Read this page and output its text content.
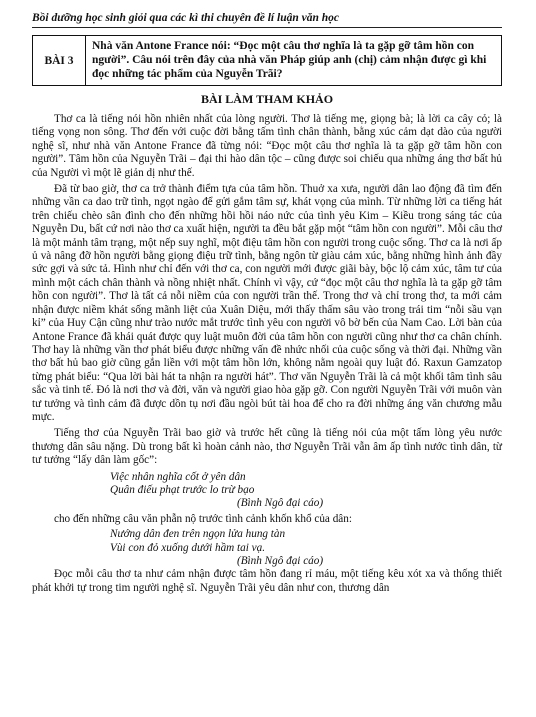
Bồi dưỡng học sinh giỏi qua các kì thi chuyên đề lí luận văn học
BÀI 3
Nhà văn Antone France nói: “Đọc một câu thơ nghĩa là ta gặp gỡ tâm hồn con người”. Câu nói trên đây của nhà văn Pháp giúp anh (chị) cảm nhận được gì khi đọc những tác phẩm của Nguyễn Trãi?
BÀI LÀM THAM KHẢO

Thơ ca là tiếng nói hồn nhiên nhất của lòng người. Thơ là tiếng mẹ, giọng bà; là lời ca cây cỏ; là tiếng vọng non sông. Thơ đến với cuộc đời bằng tấm tình chân thành, bằng xúc cảm dạt dào của người nghệ sĩ, như nhà văn Antone France đã từng nói: “Đọc một câu thơ nghĩa là ta gặp gỡ tâm hồn con người”. Tâm hồn của Nguyễn Trãi – đại thi hào dân tộc – cũng được soi chiếu qua những áng thơ bất hủ của Người vì một lẽ giản dị như thế.

Đã từ bao giờ, thơ ca trở thành điểm tựa của tâm hồn. Thuở xa xưa, người dân lao động đã tìm đến những vần ca dao trữ tình, ngọt ngào để gửi gắm tâm sự, khát vọng của mình. Từ những lời ca tiếng hát trên chiếu chèo sân đình cho đến những hồi hồi náo nức của tình yêu Kim – Kiều trong sáng tác của Nguyễn Du, bất cứ nơi nào thơ ca xuất hiện, người ta đều bắt gặp một “tâm hồn con người”. Mỗi câu thơ là một mảnh tâm trạng, một nếp suy nghĩ, một điệu tâm hồn con người trong cuộc sống. Thơ ca là nơi ấp ủ và nâng đỡ hồn người bằng giọng điệu trữ tình, bằng ngôn từ giàu cảm xúc, bằng những hình ảnh đầy sức gợi và sức tả. Hình như chỉ đến với thơ ca, con người mới được giãi bày, bộc lộ cảm xúc, tâm tư của mình một cách chân thành và nồng nhiệt nhất. Chính vì vậy, cứ “đọc một câu thơ nghĩa là ta gặp gỡ tâm hồn con người”. Thơ là tất cả nỗi niềm của con người trần thế. Trong thơ và chỉ trong thơ, ta mới cảm nhận được niềm khát sống mãnh liệt của Xuân Diệu, mới thấy thấm sâu vào trong trái tim “nỗi sầu vạn kỉ” của Huy Cận cũng như trào nước mắt trước tình yêu con người vô bờ bến của Nam Cao. Lời bàn của Antone France đã khái quát được quy luật muôn đời của tâm hồn con người cũng như thơ ca chân chính. Thơ hay là những vần thơ phát biểu được những vấn đề nhức nhối của cuộc sống và thời đại. Những vần thơ bất hủ bao giờ cũng gắn liền với một tâm hồn lớn, không nằm ngoài quy luật đó. Raxun Gamzatop từng phát biểu: “Qua lời bài hát ta nhận ra người hát”. Thơ văn Nguyễn Trãi là cả một khối tâm tình sâu sắc và tinh tế. Đó là nơi thơ và đời, văn và người giao hòa gặp gỡ. Con người Nguyễn Trãi với muôn vàn tư tưởng và tình cảm đã được dồn tụ nơi đầu ngòi bút tài hoa để cho ra đời những áng văn chương mẫu mực.

Tiếng thơ của Nguyễn Trãi bao giờ và trước hết cũng là tiếng nói của một tấm lòng yêu nước thương dân sâu nặng. Dù trong bất kì hoàn cảnh nào, thơ Nguyễn Trãi vẫn âm ấp tình nước tình dân, từ tư tưởng “lấy dân làm gốc”:

Việc nhân nghĩa cốt ở yên dân
Quân điếu phạt trước lo trừ bạo
(Bình Ngô đại cáo)

cho đến những câu văn phẫn nộ trước tình cảnh khốn khổ của dân:

Nướng dân đen trên ngọn lửa hung tàn
Vùi con đỏ xuống dưới hầm tai vạ.
(Bình Ngô đại cáo)

Đọc mỗi câu thơ ta như cảm nhận được tâm hồn đang rỉ máu, một tiếng kêu xót xa và thống thiết phát khởi tự trong tim người nghệ sĩ. Nguyễn Trãi yêu dân như con, thương dân
